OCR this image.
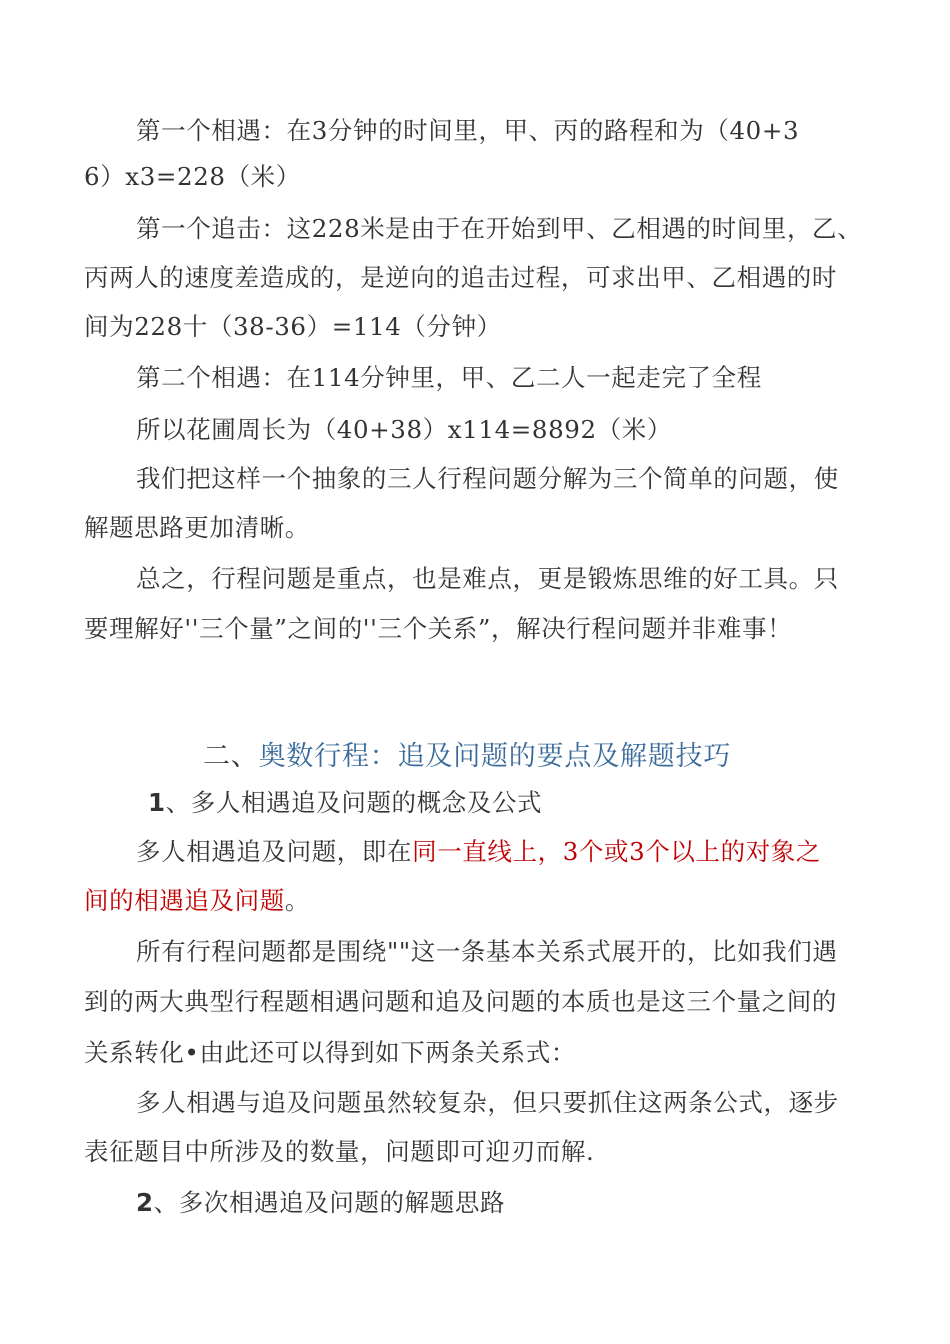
第一个相遇：在3分钟的时间里，甲、丙的路程和为（40+3
6）x3=228（米）
第一个追击：这228米是由于在开始到甲、乙相遇的时间里，乙、
丙两人的速度差造成的，是逆向的追击过程，可求出甲、乙相遇的时
间为228十（38-36）=114（分钟）
第二个相遇：在114分钟里，甲、乙二人一起走完了全程
所以花圃周长为（40+38）x114=8892（米）
我们把这样一个抽象的三人行程问题分解为三个简单的问题，使
解题思路更加清晰。
总之，行程问题是重点，也是难点，更是锻炼思维的好工具。只
要理解好''三个量”之间的''三个关系”，解决行程问题并非难事！
二、奥数行程：追及问题的要点及解题技巧
1、多人相遇追及问题的概念及公式
多人相遇追及问题，即在同一直线上，3个或3个以上的对象之
间的相遇追及问题。
所有行程问题都是围绕""这一条基本关系式展开的，比如我们遇
到的两大典型行程题相遇问题和追及问题的本质也是这三个量之间的
关系转化•由此还可以得到如下两条关系式：
多人相遇与追及问题虽然较复杂，但只要抓住这两条公式，逐步
表征题目中所涉及的数量，问题即可迎刃而解.
2、多次相遇追及问题的解题思路
